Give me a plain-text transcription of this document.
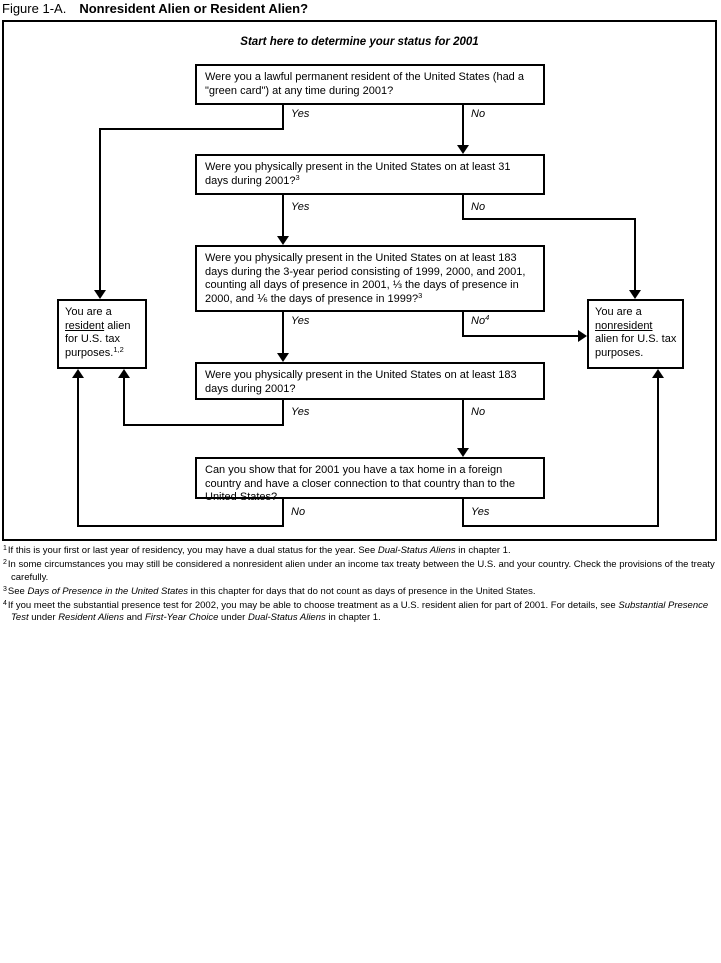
Figure 1-A. Nonresident Alien or Resident Alien?
Start here to determine your status for 2001
Were you a lawful permanent resident of the United States (had a "green card") at any time during 2001?
Were you physically present in the United States on at least 31 days during 2001?$^3$
Were you physically present in the United States on at least 183 days during the 3-year period consisting of 1999, 2000, and 2001, counting all days of presence in 2001, ⅓ the days of presence in 2000, and ⅙ the days of presence in 1999?$^3$
Were you physically present in the United States on at least 183 days during 2001?
Can you show that for 2001 you have a tax home in a foreign country and have a closer connection to that country than to the United States?
You are a resident alien for U.S. tax purposes.$^{1,2}$
You are a nonresident alien for U.S. tax purposes.
Yes	No
Yes	No
Yes	No$^4$
Yes	No
No	Yes

$^1$If this is your first or last year of residency, you may have a dual status for the year. See Dual-Status Aliens in chapter 1.

$^2$In some circumstances you may still be considered a nonresident alien under an income tax treaty between the U.S. and your country. Check the provisions of the treaty carefully.

$^3$See Days of Presence in the United States in this chapter for days that do not count as days of presence in the United States.

$^4$If you meet the substantial presence test for 2002, you may be able to choose treatment as a U.S. resident alien for part of 2001. For details, see Substantial Presence Test under Resident Aliens and First-Year Choice under Dual-Status Aliens in chapter 1.
